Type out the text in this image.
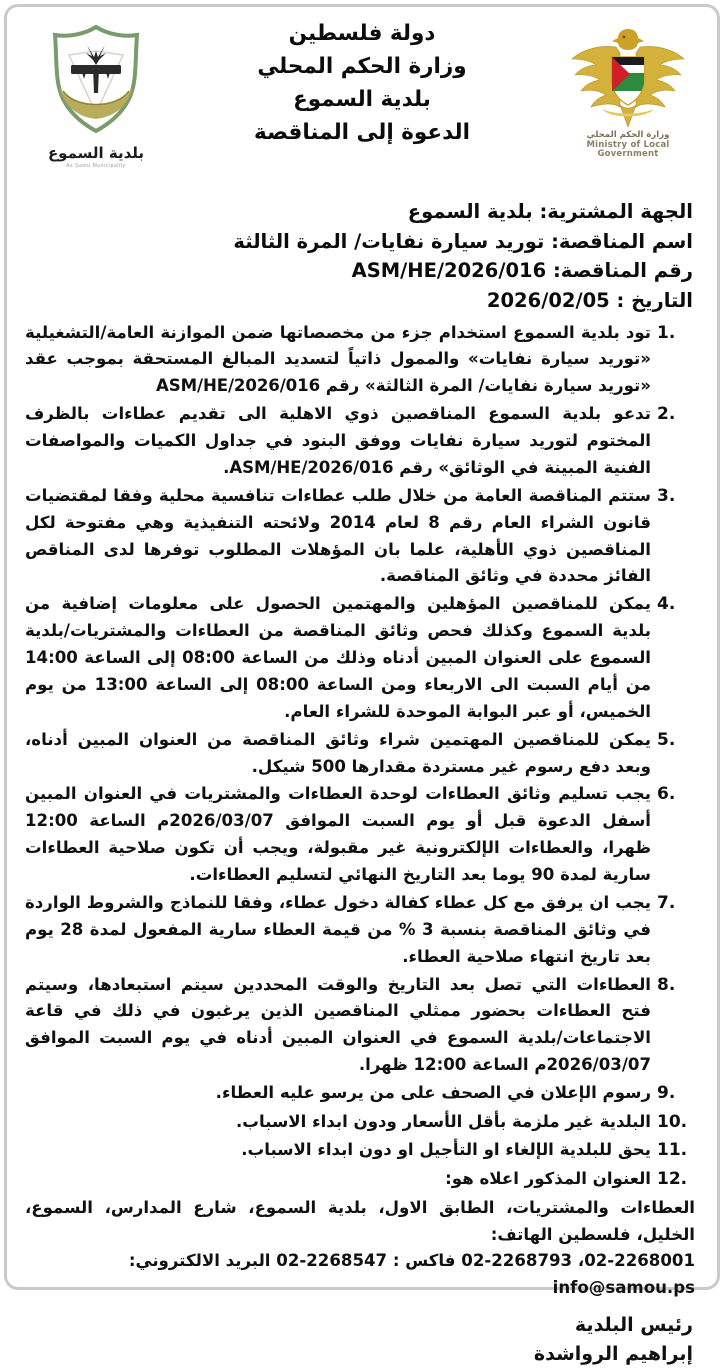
بلدية السموع
As Samu Municipality
دولة فلسطين
وزارة الحكم المحلي
بلدية السموع
الدعوة إلى المناقصة	وزارة الحكم المحلي
Ministry of Local
Government
الجهة المشترية: بلدية السموع
اسم المناقصة: توريد سيارة نفايات/ المرة الثالثة
رقم المناقصة: ASM/HE/2026/016
التاريخ : 2026/02/05
1.
تود بلدية السموع استخدام جزء من مخصصاتها ضمن الموازنة العامة/التشغيلية «توريد سيارة نفايات» والممول ذاتياً لتسديد المبالغ المستحقة بموجب عقد «توريد سيارة نفايات/ المرة الثالثة» رقم ASM/HE/2026/016
2.
تدعو بلدية السموع المناقصين ذوي الاهلية الى تقديم عطاءات بالظرف المختوم لتوريد سيارة نفايات ووفق البنود في جداول الكميات والمواصفات الفنية المبينة في الوثائق» رقم ASM/HE/2026/016.
3.
ستتم المناقصة العامة من خلال طلب عطاءات تنافسية محلية وفقا لمقتضيات قانون الشراء العام رقم 8 لعام 2014 ولائحته التنفيذية وهي مفتوحة لكل المناقصين ذوي الأهلية، علما بان المؤهلات المطلوب توفرها لدى المناقص الفائز محددة في وثائق المناقصة.
4.
يمكن للمناقصين المؤهلين والمهتمين الحصول على معلومات إضافية من بلدية السموع وكذلك فحص وثائق المناقصة من العطاءات والمشتريات/بلدية السموع على العنوان المبين أدناه وذلك من الساعة 08:00 إلى الساعة 14:00 من أيام السبت الى الاربعاء ومن الساعة 08:00 إلى الساعة 13:00 من يوم الخميس، أو عبر البوابة الموحدة للشراء العام.
5.
يمكن للمناقصين المهتمين شراء وثائق المناقصة من العنوان المبين أدناه، وبعد دفع رسوم غير مستردة مقدارها 500 شيكل.
6.
يجب تسليم وثائق العطاءات لوحدة العطاءات والمشتريات في العنوان المبين أسفل الدعوة قبل أو يوم السبت الموافق 2026/03/07م الساعة 12:00 ظهرا، والعطاءات الإلكترونية غير مقبولة، ويجب أن تكون صلاحية العطاءات سارية لمدة 90 يوما بعد التاريخ النهائي لتسليم العطاءات.
7.
يجب ان يرفق مع كل عطاء كفالة دخول عطاء، وفقا للنماذج والشروط الواردة في وثائق المناقصة بنسبة 3 % من قيمة العطاء سارية المفعول لمدة 28 يوم بعد تاريخ انتهاء صلاحية العطاء.
8.
العطاءات التي تصل بعد التاريخ والوقت المحددين سيتم استبعادها، وسيتم فتح العطاءات بحضور ممثلي المناقصين الذين يرغبون في ذلك في قاعة الاجتماعات/بلدية السموع في العنوان المبين أدناه في يوم السبت الموافق 2026/03/07م الساعة 12:00 ظهرا.
9.
رسوم الإعلان في الصحف على من يرسو عليه العطاء.
10.
البلدية غير ملزمة بأقل الأسعار ودون ابداء الاسباب.
11.
يحق للبلدية الإلغاء او التأجيل او دون ابداء الاسباب.
12.
العنوان المذكور اعلاه هو:
العطاءات والمشتريات، الطابق الاول، بلدية السموع، شارع المدارس، السموع، الخليل، فلسطين الهاتف:
02-2268001، 02-2268793 فاكس : 02-2268547 البريد الالكتروني: info@samou.ps
رئيس البلدية
إبراهيم الرواشدة
